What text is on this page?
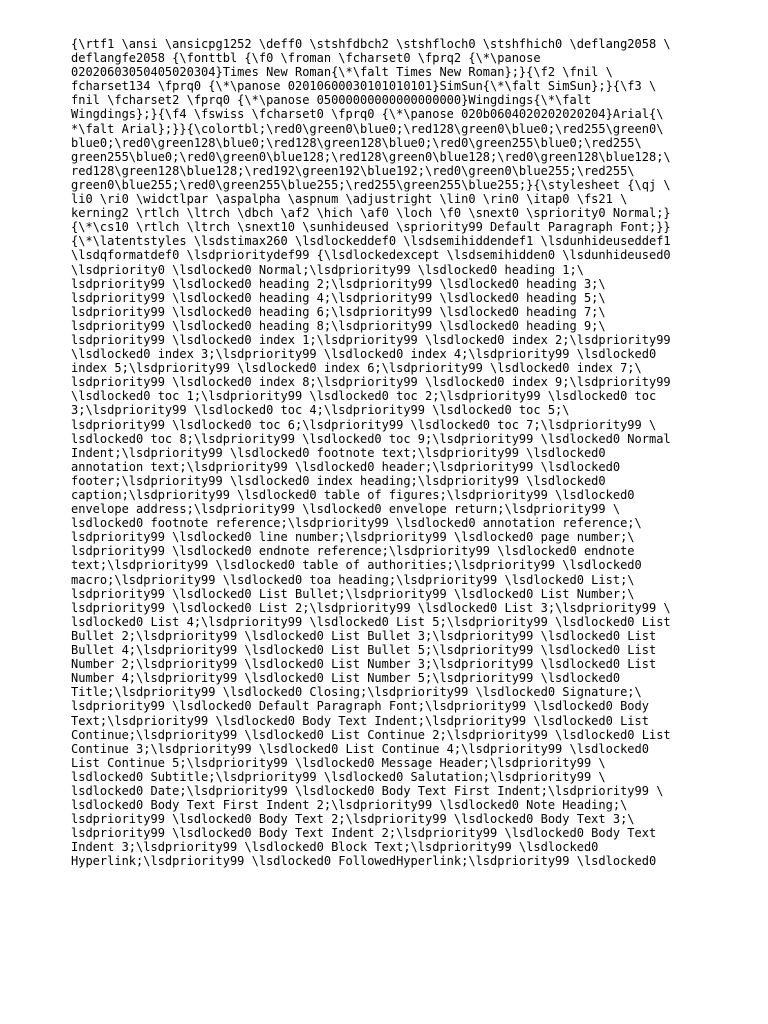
{\rtf1 \ansi \ansicpg1252 \deff0 \stshfdbch2 \stshfloch0 \stshfhich0 \deflang2058 \
deflangfe2058 {\fonttbl {\f0 \froman \fcharset0 \fprq2 {\*\panose
02020603050405020304}Times New Roman{\*\falt Times New Roman};}{\f2 \fnil \
fcharset134 \fprq0 {\*\panose 02010600030101010101}SimSun{\*\falt SimSun};}{\f3 \
fnil \fcharset2 \fprq0 {\*\panose 05000000000000000000}Wingdings{\*\falt
Wingdings};}{\f4 \fswiss \fcharset0 \fprq0 {\*\panose 020b0604020202020204}Arial{\
*\falt Arial};}}{\colortbl;\red0\green0\blue0;\red128\green0\blue0;\red255\green0\
blue0;\red0\green128\blue0;\red128\green128\blue0;\red0\green255\blue0;\red255\
green255\blue0;\red0\green0\blue128;\red128\green0\blue128;\red0\green128\blue128;\
red128\green128\blue128;\red192\green192\blue192;\red0\green0\blue255;\red255\
green0\blue255;\red0\green255\blue255;\red255\green255\blue255;}{\stylesheet {\qj \
li0 \ri0 \widctlpar \aspalpha \aspnum \adjustright \lin0 \rin0 \itap0 \fs21 \
kerning2 \rtlch \ltrch \dbch \af2 \hich \af0 \loch \f0 \snext0 \spriority0 Normal;}
{\*\cs10 \rtlch \ltrch \snext10 \sunhideused \spriority99 Default Paragraph Font;}}
{\*\latentstyles \lsdstimax260 \lsdlockeddef0 \lsdsemihiddendef1 \lsdunhideuseddef1
\lsdqformatdef0 \lsdprioritydef99 {\lsdlockedexcept \lsdsemihidden0 \lsdunhideused0
\lsdpriority0 \lsdlocked0 Normal;\lsdpriority99 \lsdlocked0 heading 1;\
lsdpriority99 \lsdlocked0 heading 2;\lsdpriority99 \lsdlocked0 heading 3;\
lsdpriority99 \lsdlocked0 heading 4;\lsdpriority99 \lsdlocked0 heading 5;\
lsdpriority99 \lsdlocked0 heading 6;\lsdpriority99 \lsdlocked0 heading 7;\
lsdpriority99 \lsdlocked0 heading 8;\lsdpriority99 \lsdlocked0 heading 9;\
lsdpriority99 \lsdlocked0 index 1;\lsdpriority99 \lsdlocked0 index 2;\lsdpriority99
\lsdlocked0 index 3;\lsdpriority99 \lsdlocked0 index 4;\lsdpriority99 \lsdlocked0
index 5;\lsdpriority99 \lsdlocked0 index 6;\lsdpriority99 \lsdlocked0 index 7;\
lsdpriority99 \lsdlocked0 index 8;\lsdpriority99 \lsdlocked0 index 9;\lsdpriority99
\lsdlocked0 toc 1;\lsdpriority99 \lsdlocked0 toc 2;\lsdpriority99 \lsdlocked0 toc
3;\lsdpriority99 \lsdlocked0 toc 4;\lsdpriority99 \lsdlocked0 toc 5;\
lsdpriority99 \lsdlocked0 toc 6;\lsdpriority99 \lsdlocked0 toc 7;\lsdpriority99 \
lsdlocked0 toc 8;\lsdpriority99 \lsdlocked0 toc 9;\lsdpriority99 \lsdlocked0 Normal
Indent;\lsdpriority99 \lsdlocked0 footnote text;\lsdpriority99 \lsdlocked0
annotation text;\lsdpriority99 \lsdlocked0 header;\lsdpriority99 \lsdlocked0
footer;\lsdpriority99 \lsdlocked0 index heading;\lsdpriority99 \lsdlocked0
caption;\lsdpriority99 \lsdlocked0 table of figures;\lsdpriority99 \lsdlocked0
envelope address;\lsdpriority99 \lsdlocked0 envelope return;\lsdpriority99 \
lsdlocked0 footnote reference;\lsdpriority99 \lsdlocked0 annotation reference;\
lsdpriority99 \lsdlocked0 line number;\lsdpriority99 \lsdlocked0 page number;\
lsdpriority99 \lsdlocked0 endnote reference;\lsdpriority99 \lsdlocked0 endnote
text;\lsdpriority99 \lsdlocked0 table of authorities;\lsdpriority99 \lsdlocked0
macro;\lsdpriority99 \lsdlocked0 toa heading;\lsdpriority99 \lsdlocked0 List;\
lsdpriority99 \lsdlocked0 List Bullet;\lsdpriority99 \lsdlocked0 List Number;\
lsdpriority99 \lsdlocked0 List 2;\lsdpriority99 \lsdlocked0 List 3;\lsdpriority99 \
lsdlocked0 List 4;\lsdpriority99 \lsdlocked0 List 5;\lsdpriority99 \lsdlocked0 List
Bullet 2;\lsdpriority99 \lsdlocked0 List Bullet 3;\lsdpriority99 \lsdlocked0 List
Bullet 4;\lsdpriority99 \lsdlocked0 List Bullet 5;\lsdpriority99 \lsdlocked0 List
Number 2;\lsdpriority99 \lsdlocked0 List Number 3;\lsdpriority99 \lsdlocked0 List
Number 4;\lsdpriority99 \lsdlocked0 List Number 5;\lsdpriority99 \lsdlocked0
Title;\lsdpriority99 \lsdlocked0 Closing;\lsdpriority99 \lsdlocked0 Signature;\
lsdpriority99 \lsdlocked0 Default Paragraph Font;\lsdpriority99 \lsdlocked0 Body
Text;\lsdpriority99 \lsdlocked0 Body Text Indent;\lsdpriority99 \lsdlocked0 List
Continue;\lsdpriority99 \lsdlocked0 List Continue 2;\lsdpriority99 \lsdlocked0 List
Continue 3;\lsdpriority99 \lsdlocked0 List Continue 4;\lsdpriority99 \lsdlocked0
List Continue 5;\lsdpriority99 \lsdlocked0 Message Header;\lsdpriority99 \
lsdlocked0 Subtitle;\lsdpriority99 \lsdlocked0 Salutation;\lsdpriority99 \
lsdlocked0 Date;\lsdpriority99 \lsdlocked0 Body Text First Indent;\lsdpriority99 \
lsdlocked0 Body Text First Indent 2;\lsdpriority99 \lsdlocked0 Note Heading;\
lsdpriority99 \lsdlocked0 Body Text 2;\lsdpriority99 \lsdlocked0 Body Text 3;\
lsdpriority99 \lsdlocked0 Body Text Indent 2;\lsdpriority99 \lsdlocked0 Body Text
Indent 3;\lsdpriority99 \lsdlocked0 Block Text;\lsdpriority99 \lsdlocked0
Hyperlink;\lsdpriority99 \lsdlocked0 FollowedHyperlink;\lsdpriority99 \lsdlocked0
